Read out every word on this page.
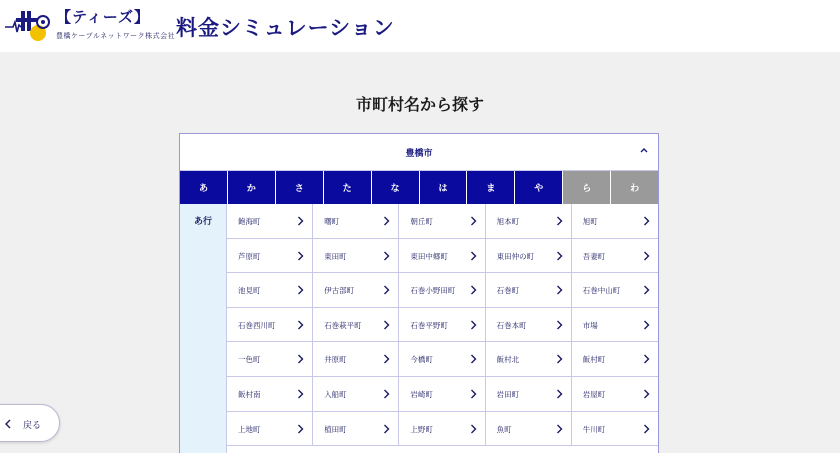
【ティーズ】
豊橋ケーブルネットワーク株式会社 料金シミュレーション
市町村名から探す
豊橋市
あ	か	さ	た	な	は	ま	や	ら	わ
あ行	飽海町	曙町	朝丘町	旭本町	旭町
芦原町	東田町	東田中郷町	東田仲の町	吾妻町
池見町	伊古部町	石巻小野田町	石巻町	石巻中山町
石巻西川町	石巻萩平町	石巻平野町	石巻本町	市場
一色町	井原町	今橋町	飯村北	飯村町
飯村南	入船町	岩崎町	岩田町	岩屋町
上地町	植田町	上野町	魚町	牛川町
戻る
